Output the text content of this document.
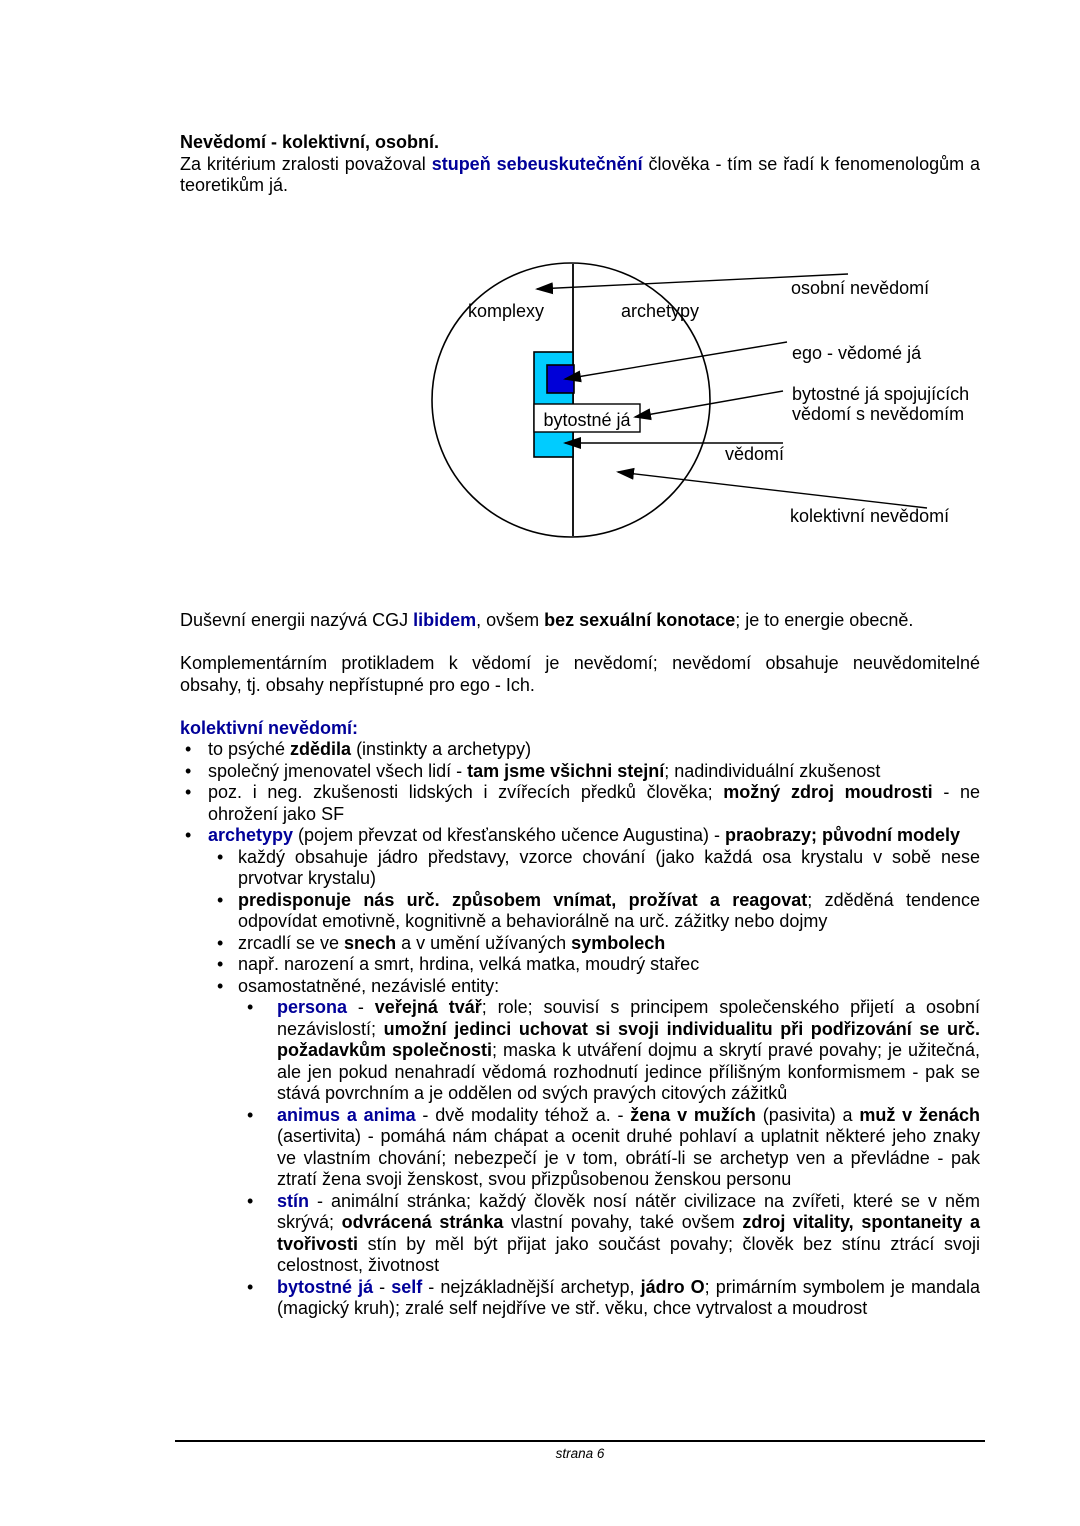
Nevědomí - kolektivní, osobní.
Za kritérium zralosti považoval stupeň sebeuskutečnění člověka - tím se řadí k fenomenologům a
teoretikům já.
komplexy	archetypy
bytostné já
osobní nevědomí
ego - vědomé já
bytostné já spojujících
vědomí s nevědomím
vědomí
kolektivní nevědomí
Duševní energii nazývá CGJ libidem, ovšem bez sexuální konotace; je to energie obecně.
Komplementárním protikladem k vědomí je nevědomí; nevědomí obsahuje neuvědomitelné
obsahy, tj. obsahy nepřístupné pro ego - Ich.
kolektivní nevědomí:
• to psýché zdědila (instinkty a archetypy)
• společný jmenovatel všech lidí - tam jsme všichni stejní; nadindividuální zkušenost
• poz. i neg. zkušenosti lidských i zvířecích předků člověka; možný zdroj moudrosti - ne
ohrožení jako SF
• archetypy (pojem převzat od křesťanského učence Augustina) - praobrazy; původní modely
• každý obsahuje jádro představy, vzorce chování (jako každá osa krystalu v sobě nese
prvotvar krystalu)
• predisponuje nás urč. způsobem vnímat, prožívat a reagovat; zděděná tendence
odpovídat emotivně, kognitivně a behaviorálně na urč. zážitky nebo dojmy
• zrcadlí se ve snech a v umění užívaných symbolech
• např. narození a smrt, hrdina, velká matka, moudrý stařec
• osamostatněné, nezávislé entity:
• persona - veřejná tvář; role; souvisí s principem společenského přijetí a osobní
nezávislostí; umožní jedinci uchovat si svoji individualitu při podřizování se urč.
požadavkům společnosti; maska k utváření dojmu a skrytí pravé povahy; je užitečná,
ale jen pokud nenahradí vědomá rozhodnutí jedince přílišným konformismem - pak se
stává povrchním a je oddělen od svých pravých citových zážitků
• animus a anima - dvě modality téhož a. - žena v mužích (pasivita) a muž v ženách
(asertivita) - pomáhá nám chápat a ocenit druhé pohlaví a uplatnit některé jeho znaky
ve vlastním chování; nebezpečí je v tom, obrátí-li se archetyp ven a převládne - pak
ztratí žena svoji ženskost, svou přizpůsobenou ženskou personu
• stín - animální stránka; každý člověk nosí nátěr civilizace na zvířeti, které se v něm
skrývá; odvrácená stránka vlastní povahy, také ovšem zdroj vitality, spontaneity a
tvořivosti stín by měl být přijat jako součást povahy; člověk bez stínu ztrácí svoji
celostnost, životnost
• bytostné já - self - nejzákladnější archetyp, jádro O; primárním symbolem je mandala
(magický kruh); zralé self nejdříve ve stř. věku, chce vytrvalost a moudrost
strana 6
